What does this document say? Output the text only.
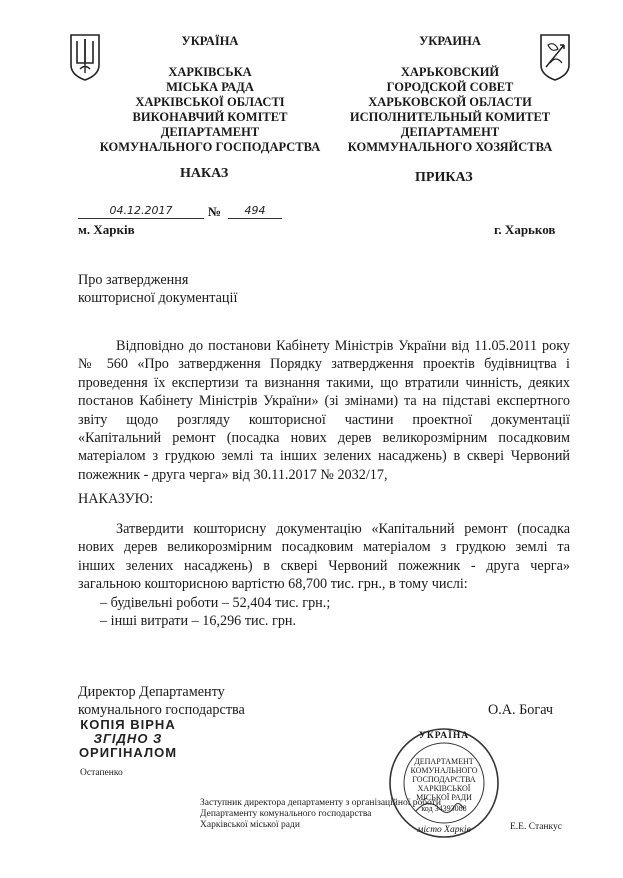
УКРАЇНА
ХАРКІВСЬКА
МІСЬКА РАДА
ХАРКІВСЬКОЇ ОБЛАСТІ
ВИКОНАВЧИЙ КОМІТЕТ
ДЕПАРТАМЕНТ
КОМУНАЛЬНОГО ГОСПОДАРСТВА
УКРАИНА
ХАРЬКОВСКИЙ
ГОРОДСКОЙ СОВЕТ
ХАРЬКОВСКОЙ ОБЛАСТИ
ИСПОЛНИТЕЛЬНЫЙ КОМИТЕТ
ДЕПАРТАМЕНТ
КОММУНАЛЬНОГО ХОЗЯЙСТВА
НАКАЗ	ПРИКАЗ
04.12.2017	№	494
м. Харків	г. Харьков
Про затвердження
кошторисної документації
Відповідно до постанови Кабінету Міністрів України від 11.05.2011 року
№ 560 «Про затвердження Порядку затвердження проектів будівництва і
проведення їх експертизи та визнання такими, що втратили чинність, деяких
постанов Кабінету Міністрів України» (зі змінами) та на підставі експертного
звіту щодо розгляду кошторисної частини проектної документації
«Капітальний ремонт (посадка нових дерев великорозмірним посадковим
матеріалом з грудкою землі та інших зелених насаджень) в сквері Червоний
пожежник - друга черга» від 30.11.2017 № 2032/17,
НАКАЗУЮ:
Затвердити кошторисну документацію «Капітальний ремонт (посадка
нових дерев великорозмірним посадковим матеріалом з грудкою землі та
інших зелених насаджень) в сквері Червоний пожежник - друга черга»
загальною кошторисною вартістю 68,700 тис. грн., в тому числі:
– будівельні роботи – 52,404 тис. грн.;
– інші витрати – 16,296 тис. грн.
Директор Департаменту
комунального господарства	О.А. Богач
КОПІЯ ВІРНА
ЗГІДНО З
ОРИГІНАЛОМ
Остапенко
УКРАЇНА
ДЕПАРТАМЕНТ
КОМУНАЛЬНОГО
ГОСПОДАРСТВА
ХАРКІВСЬКОЇ
МІСЬКОЇ РАДИ
код 34393088
місто Харків
Заступник директора департаменту з організаційної роботи
Департаменту комунального господарства
Харківської міської ради	Е.Е. Станкус
